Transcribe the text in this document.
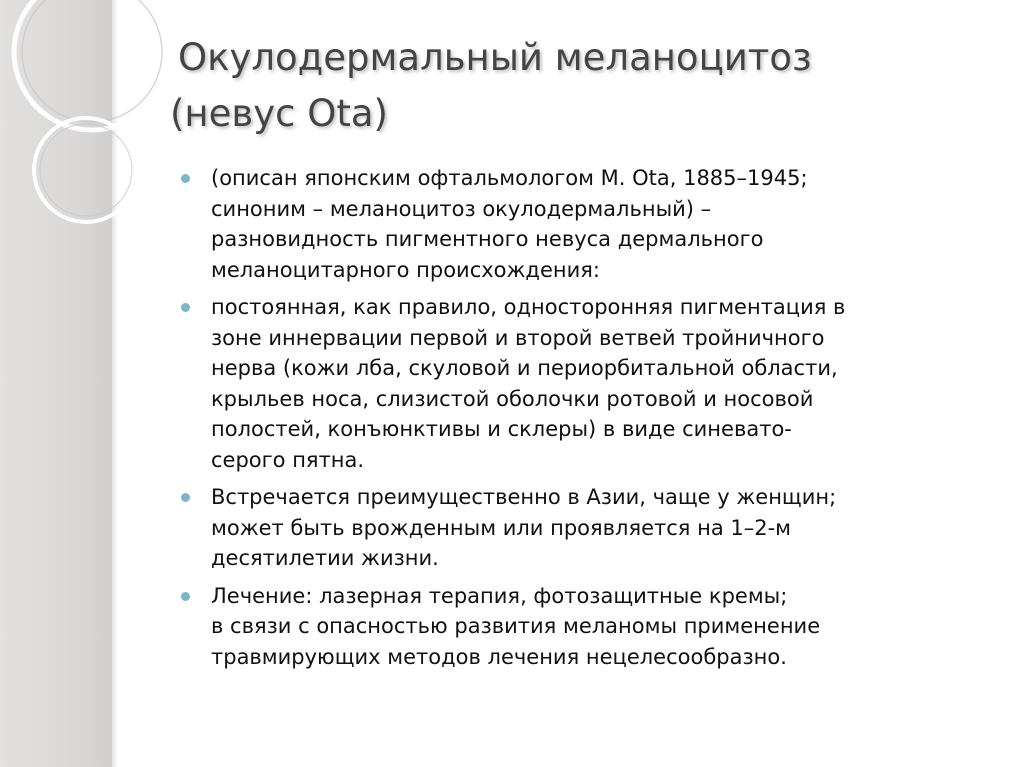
Окулодермальный меланоцитоз
(невус Ota)
(описан японским офтальмологом M. Ota, 1885–1945;
синоним – меланоцитоз окулодермальный) –
разновидность пигментного невуса дермального
меланоцитарного происхождения:
постоянная, как правило, односторонняя пигментация в
зоне иннервации первой и второй ветвей тройничного
нерва (кожи лба, скуловой и периорбитальной области,
крыльев носа, слизистой оболочки ротовой и носовой
полостей, конъюнктивы и склеры) в виде синевато-
серого пятна.
Встречается преимущественно в Азии, чаще у женщин;
может быть врожденным или проявляется на 1–2-м
десятилетии жизни.
Лечение: лазерная терапия, фотозащитные кремы;
в связи с опасностью развития меланомы применение
травмирующих методов лечения нецелесообразно.
